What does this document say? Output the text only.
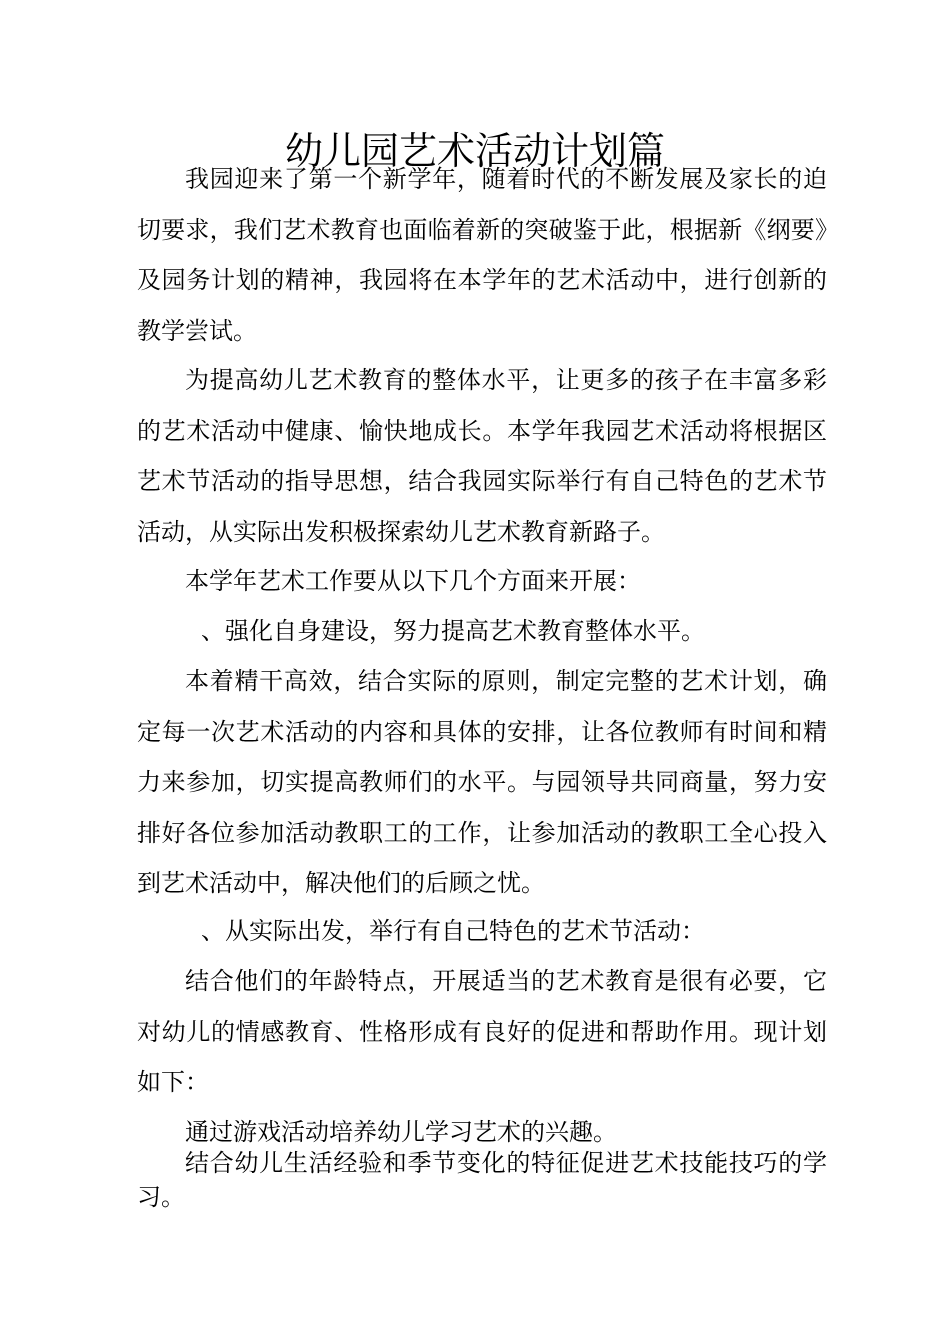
幼儿园艺术活动计划篇

我园迎来了第一个新学年，随着时代的不断发展及家长的迫切要求，我们艺术教育也面临着新的突破鉴于此，根据新《纲要》及园务计划的精神，我园将在本学年的艺术活动中，进行创新的教学尝试。

为提高幼儿艺术教育的整体水平，让更多的孩子在丰富多彩的艺术活动中健康、愉快地成长。本学年我园艺术活动将根据区艺术节活动的指导思想，结合我园实际举行有自己特色的艺术节活动，从实际出发积极探索幼儿艺术教育新路子。

本学年艺术工作要从以下几个方面来开展：

、强化自身建设，努力提高艺术教育整体水平。

本着精干高效，结合实际的原则，制定完整的艺术计划，确定每一次艺术活动的内容和具体的安排，让各位教师有时间和精力来参加，切实提高教师们的水平。与园领导共同商量，努力安排好各位参加活动教职工的工作，让参加活动的教职工全心投入到艺术活动中，解决他们的后顾之忧。

、从实际出发，举行有自己特色的艺术节活动：

结合他们的年龄特点，开展适当的艺术教育是很有必要，它对幼儿的情感教育、性格形成有良好的促进和帮助作用。现计划如下：

通过游戏活动培养幼儿学习艺术的兴趣。

结合幼儿生活经验和季节变化的特征促进艺术技能技巧的学习。
